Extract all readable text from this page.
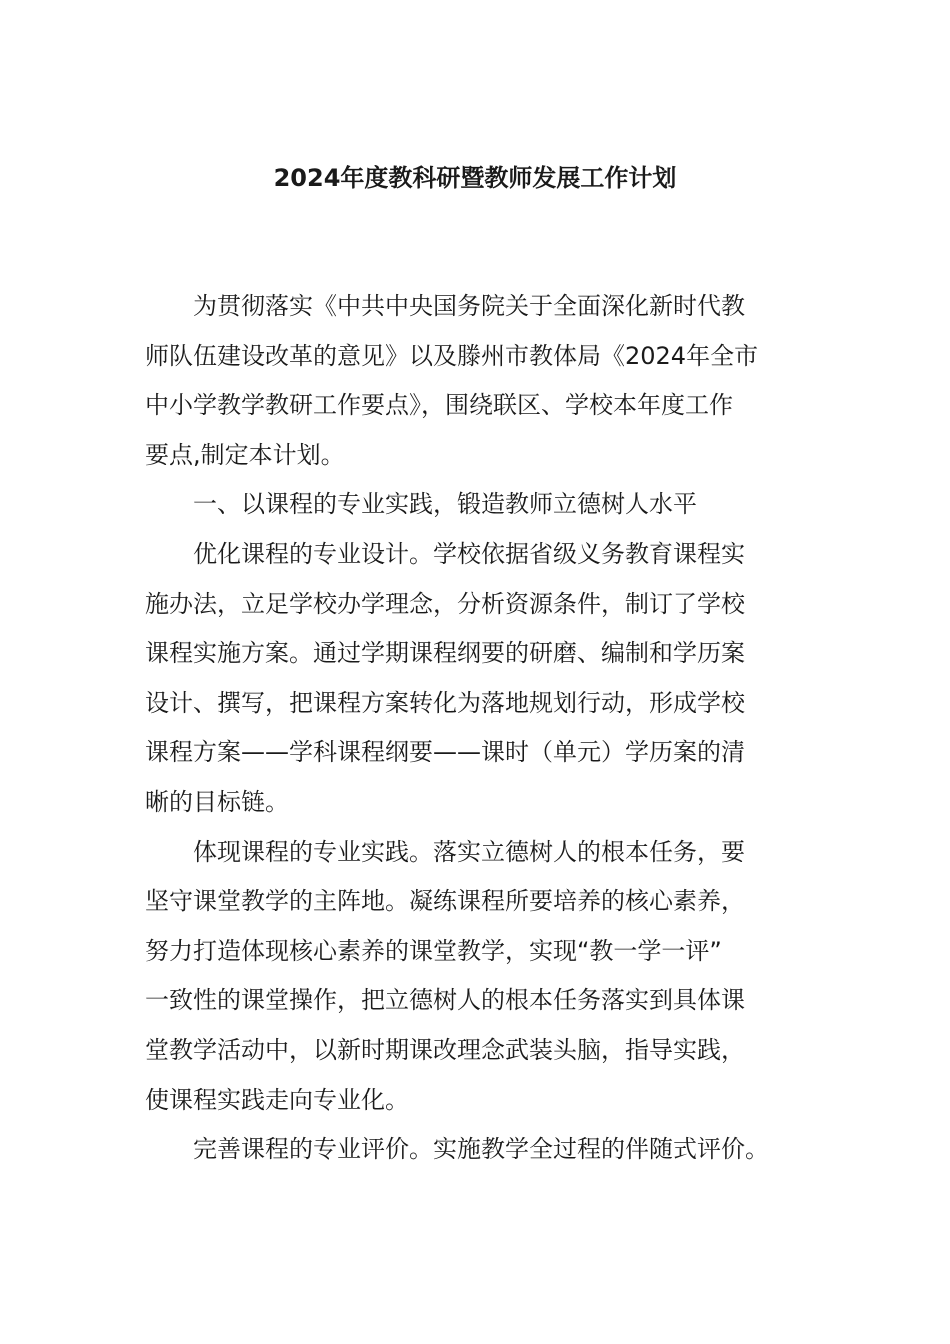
2024年度教科研暨教师发展工作计划

为贯彻落实《中共中央国务院关于全面深化新时代教

师队伍建设改革的意见》以及滕州市教体局《2024年全市

中小学教学教研工作要点》，围绕联区、学校本年度工作

要点,制定本计划。

一、以课程的专业实践，锻造教师立德树人水平

优化课程的专业设计。学校依据省级义务教育课程实

施办法，立足学校办学理念，分析资源条件，制订了学校

课程实施方案。通过学期课程纲要的研磨、编制和学历案

设计、撰写，把课程方案转化为落地规划行动，形成学校

课程方案——学科课程纲要——课时（单元）学历案的清

晰的目标链。

体现课程的专业实践。落实立德树人的根本任务，要

坚守课堂教学的主阵地。凝练课程所要培养的核心素养，

努力打造体现核心素养的课堂教学，实现“教一学一评”

一致性的课堂操作，把立德树人的根本任务落实到具体课

堂教学活动中，以新时期课改理念武装头脑，指导实践，

使课程实践走向专业化。

完善课程的专业评价。实施教学全过程的伴随式评价。
